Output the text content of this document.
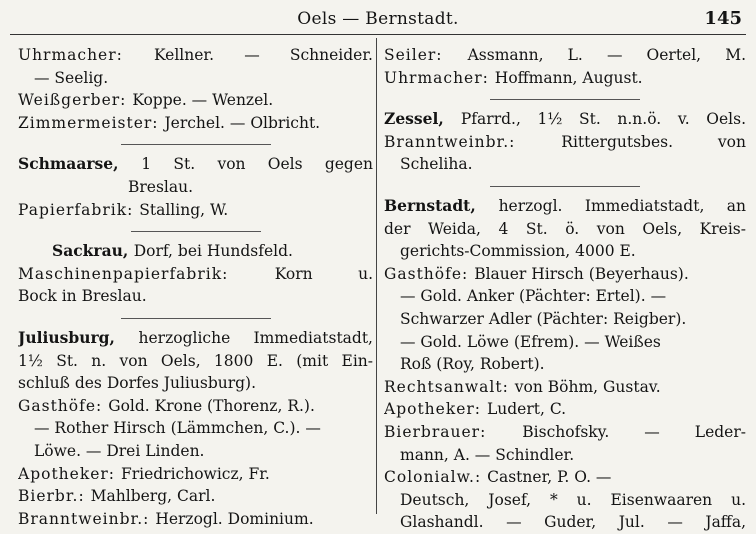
Oels — Bernstadt.	145
Uhrmacher: Kellner. — Schneider.
— Seelig.
Weißgerber: Koppe. — Wenzel.
Zimmermeister: Jerchel. — Olbricht.
Schmaarse, 1 St. von Oels gegen
Breslau.
Papierfabrik: Stalling, W.
Sackrau, Dorf, bei Hundsfeld.
Maschinenpapierfabrik: Korn u.
Bock in Breslau.
Juliusburg, herzogliche Immediatstadt,
1½ St. n. von Oels, 1800 E. (mit Ein-
schluß des Dorfes Juliusburg).
Gasthöfe: Gold. Krone (Thorenz, R.).
— Rother Hirsch (Lämmchen, C.). —
Löwe. — Drei Linden.
Apotheker: Friedrichowicz, Fr.
Bierbr.: Mahlberg, Carl.
Branntweinbr.: Herzogl. Dominium.
Seiler: Assmann, L. — Oertel, M.
Uhrmacher: Hoffmann, August.
Zessel, Pfarrd., 1½ St. n.n.ö. v. Oels.
Branntweinbr.: Rittergutsbes. von
Scheliha.
Bernstadt, herzogl. Immediatstadt, an
der Weida, 4 St. ö. von Oels, Kreis-
gerichts-Commission, 4000 E.
Gasthöfe: Blauer Hirsch (Beyerhaus).
— Gold. Anker (Pächter: Ertel). —
Schwarzer Adler (Pächter: Reigber).
— Gold. Löwe (Efrem). — Weißes
Roß (Roy, Robert).
Rechtsanwalt: von Böhm, Gustav.
Apotheker: Ludert, C.
Bierbrauer: Bischofsky. — Leder-
mann, A. — Schindler.
Colonialw.: Castner, P. O. —
Deutsch, Josef, * u. Eisenwaaren u.
Glashandl. — Guder, Jul. — Jaffa,
